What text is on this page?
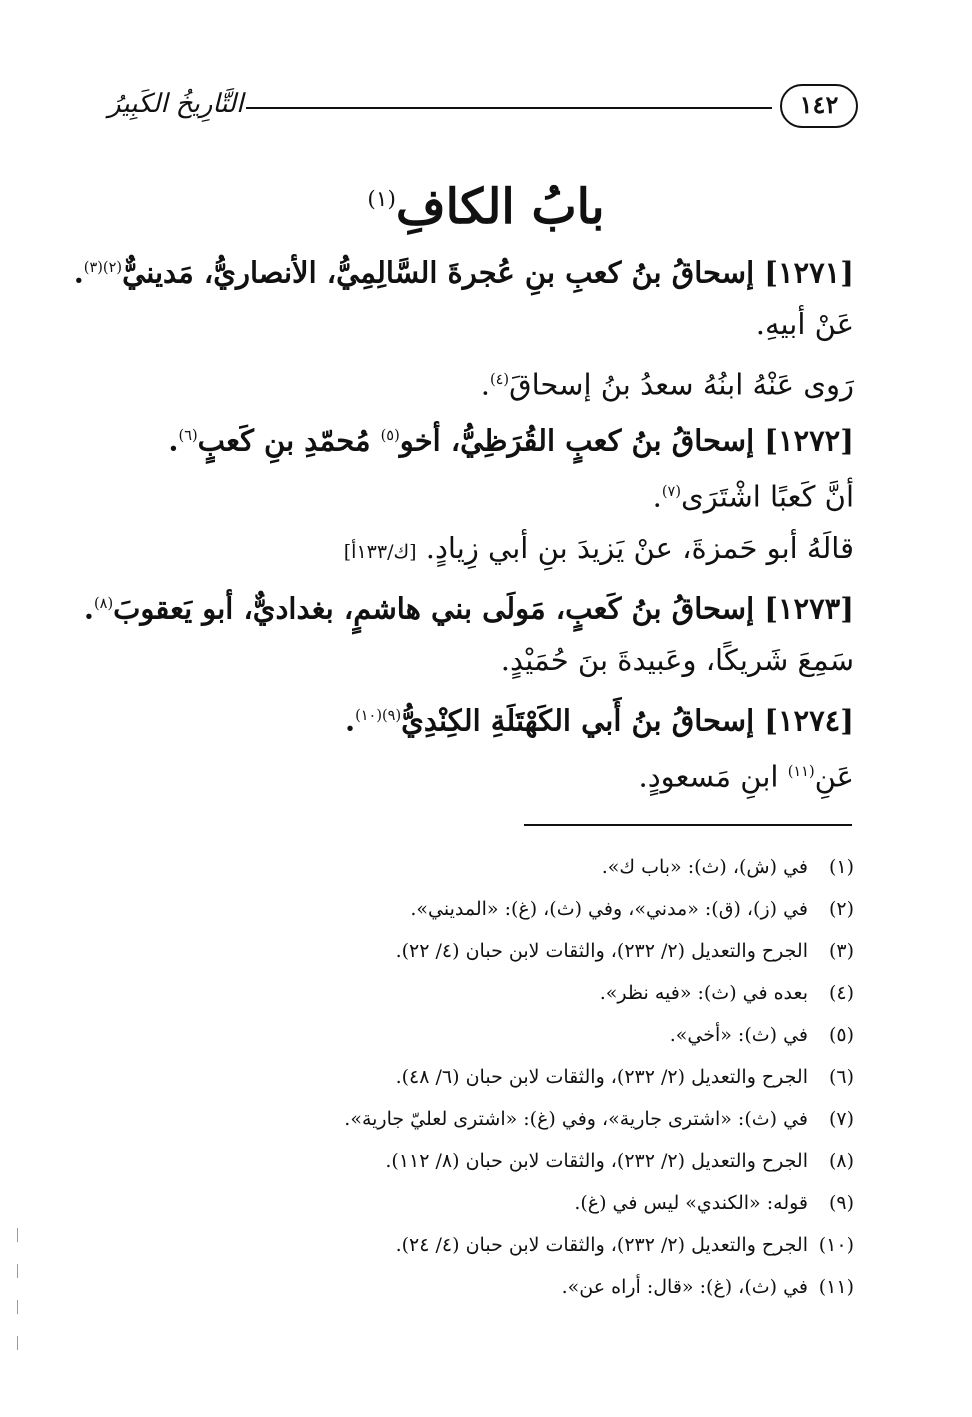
١٤٢
التَّارِيخُ الكَبِيرُ
بابُ الكافِ$^{(١)}$

[١٢٧١] إسحاقُ بنُ كعبِ بنِ عُجرةَ السَّالِمِيُّ، الأنصاريُّ، مَدينيٌّ$^{(٢)(٣)}$.

عَنْ أبيهِ.

رَوى عَنْهُ ابنُهُ سعدُ بنُ إسحاقَ$^{(٤)}$.

[١٢٧٢] إسحاقُ بنُ كعبٍ القُرَظِيُّ، أخو$^{(٥)}$ مُحمّدِ بنِ كَعبٍ$^{(٦)}$.

أنَّ كَعبًا اشْتَرَى$^{(٧)}$.

قالَهُ أبو حَمزةَ، عنْ يَزيدَ بنِ أبي زِيادٍ. [ك/١٣٣أ]

[١٢٧٣] إسحاقُ بنُ كَعبٍ، مَولَى بني هاشمٍ، بغداديٌّ، أبو يَعقوبَ$^{(٨)}$.

سَمِعَ شَريكًا، وعَبيدةَ بنَ حُمَيْدٍ.

[١٢٧٤] إسحاقُ بنُ أَبي الكَهْتَلَةِ الكِنْدِيُّ$^{(٩)(١٠)}$.

عَنِ$^{(١١)}$ ابنِ مَسعودٍ.

(١)في (ش)، (ث): «باب ك».
(٢)في (ز)، (ق): «مدني»، وفي (ث)، (غ): «المديني».
(٣)الجرح والتعديل (٢/ ٢٣٢)، والثقات لابن حبان (٤/ ٢٢).
(٤)بعده في (ث): «فيه نظر».
(٥)في (ث): «أخي».
(٦)الجرح والتعديل (٢/ ٢٣٢)، والثقات لابن حبان (٦/ ٤٨).
(٧)في (ث): «اشترى جارية»، وفي (غ): «اشترى لعليّ جارية».
(٨)الجرح والتعديل (٢/ ٢٣٢)، والثقات لابن حبان (٨/ ١١٢).
(٩)قوله: «الكندي» ليس في (غ).
(١٠)الجرح والتعديل (٢/ ٢٣٢)، والثقات لابن حبان (٤/ ٢٤).
(١١)في (ث)، (غ): «قال: أراه عن».
